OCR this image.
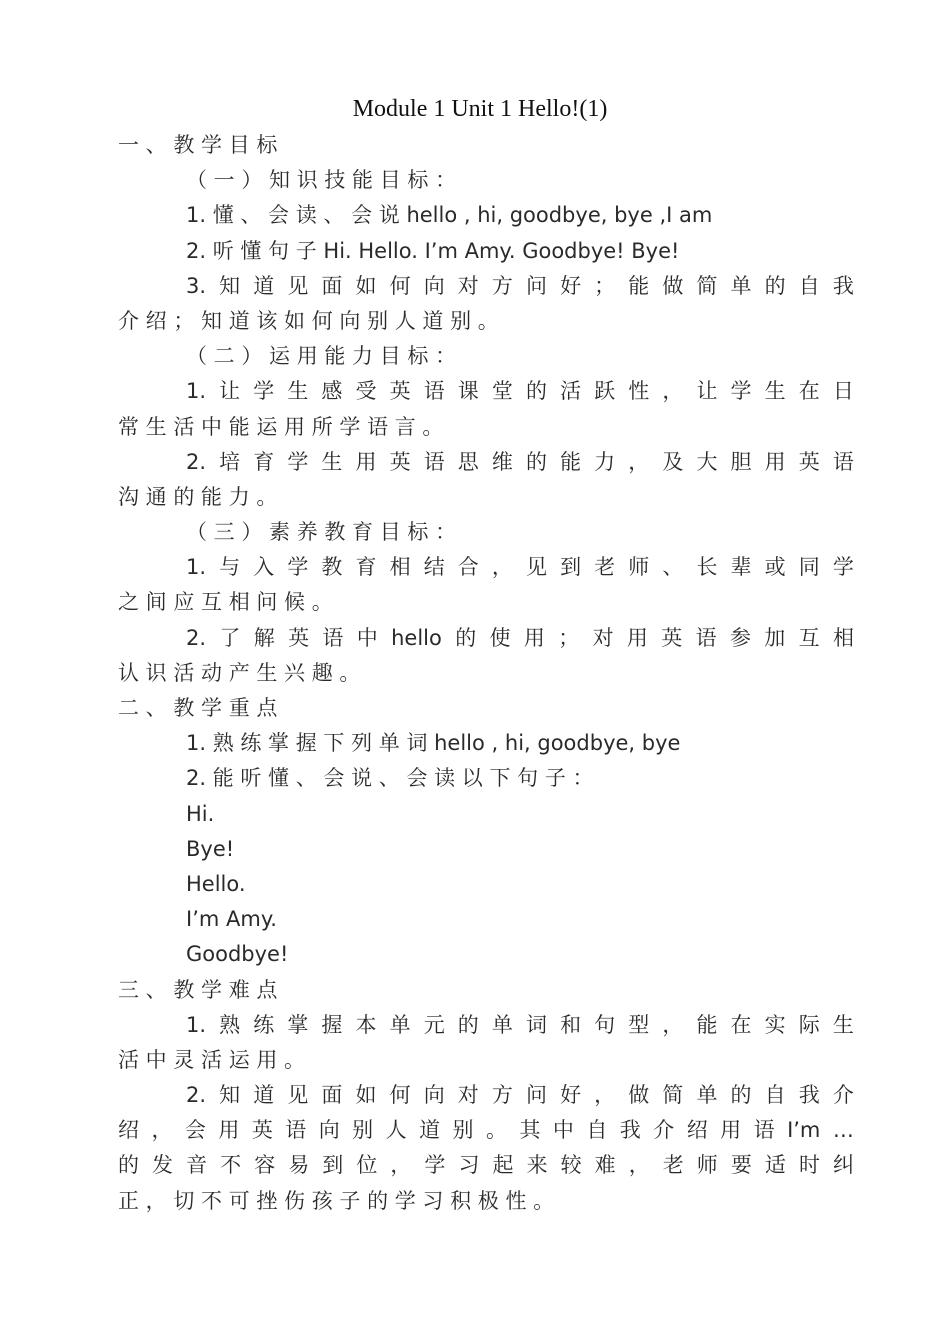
Module 1 Unit 1 Hello!(1)
一 、 教 学 目 标
（ 一 ） 知 识 技 能 目 标 ：
1. 懂 、 会 读 、 会 说 hello , hi, goodbye, bye ,I am
2. 听 懂 句 子 Hi. Hello. I’m Amy. Goodbye! Bye!
3. 知 道 见 面 如 何 向 对 方 问 好 ； 能 做 简 单 的 自 我
介 绍 ； 知 道 该 如 何 向 别 人 道 别 。
（ 二 ） 运 用 能 力 目 标 ：
1. 让 学 生 感 受 英 语 课 堂 的 活 跃 性 ， 让 学 生 在 日
常 生 活 中 能 运 用 所 学 语 言 。
2. 培 育 学 生 用 英 语 思 维 的 能 力 ， 及 大 胆 用 英 语
沟 通 的 能 力 。
（ 三 ） 素 养 教 育 目 标 ：
1. 与 入 学 教 育 相 结 合 ， 见 到 老 师 、 长 辈 或 同 学
之 间 应 互 相 问 候 。
2. 了 解 英 语 中 hello 的 使 用 ； 对 用 英 语 参 加 互 相
认 识 活 动 产 生 兴 趣 。
二 、 教 学 重 点
1. 熟 练 掌 握 下 列 单 词 hello , hi, goodbye, bye
2. 能 听 懂 、 会 说 、 会 读 以 下 句 子 ：
Hi.
Bye!
Hello.
I’m Amy.
Goodbye!
三 、 教 学 难 点
1. 熟 练 掌 握 本 单 元 的 单 词 和 句 型 ， 能 在 实 际 生
活 中 灵 活 运 用 。
2. 知 道 见 面 如 何 向 对 方 问 好 ， 做 简 单 的 自 我 介
绍 ， 会 用 英 语 向 别 人 道 别 。 其 中 自 我 介 绍 用 语 I’m …
的 发 音 不 容 易 到 位 ， 学 习 起 来 较 难 ， 老 师 要 适 时 纠
正 ， 切 不 可 挫 伤 孩 子 的 学 习 积 极 性 。
